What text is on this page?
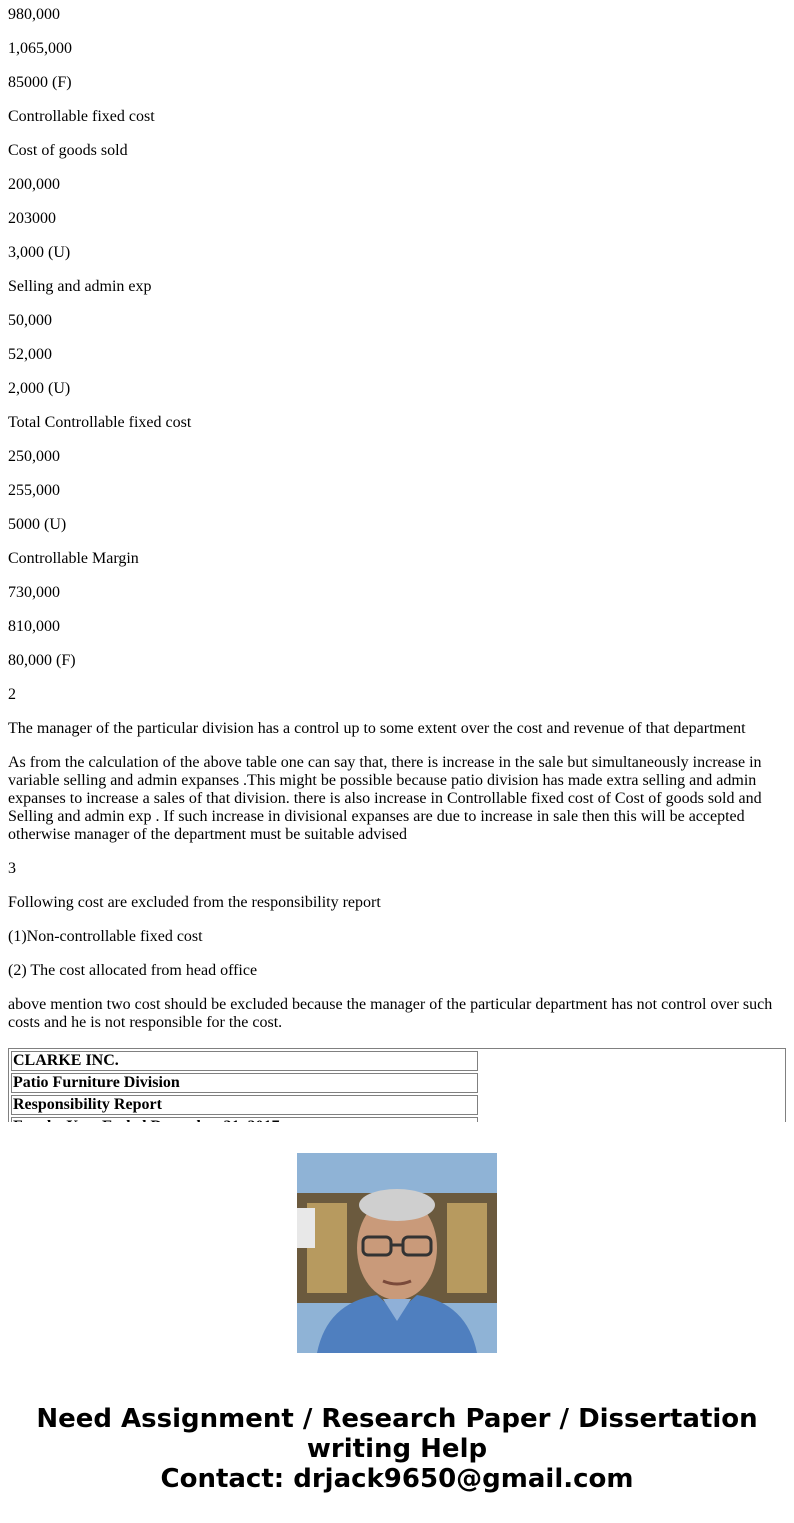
980,000

1,065,000

85000 (F)

Controllable fixed cost

Cost of goods sold

200,000

203000

3,000 (U)

Selling and admin exp

50,000

52,000

2,000 (U)

Total Controllable fixed cost

250,000

255,000

5000 (U)

Controllable Margin

730,000

810,000

80,000 (F)

2

The manager of the particular division has a control up to some extent over the cost and revenue of that department

As from the calculation of the above table one can say that, there is increase in the sale but simultaneously increase in variable selling and admin expanses .This might be possible because patio division has made extra selling and admin expanses to increase a sales of that division. there is also increase in Controllable fixed cost of Cost of goods sold and Selling and admin exp . If such increase in divisional expanses are due to increase in sale then this will be accepted otherwise manager of the department must be suitable advised

3

Following cost are excluded from the responsibility report

(1)Non-controllable fixed cost

(2) The cost allocated from head office

above mention two cost should be excluded because the manager of the particular department has not control over such costs and he is not responsible for the cost.

CLARKE INC.
Patio Furniture Division
Responsibility Report
Need Assignment / Research Paper / Dissertation
writing Help
Contact: drjack9650@gmail.com
